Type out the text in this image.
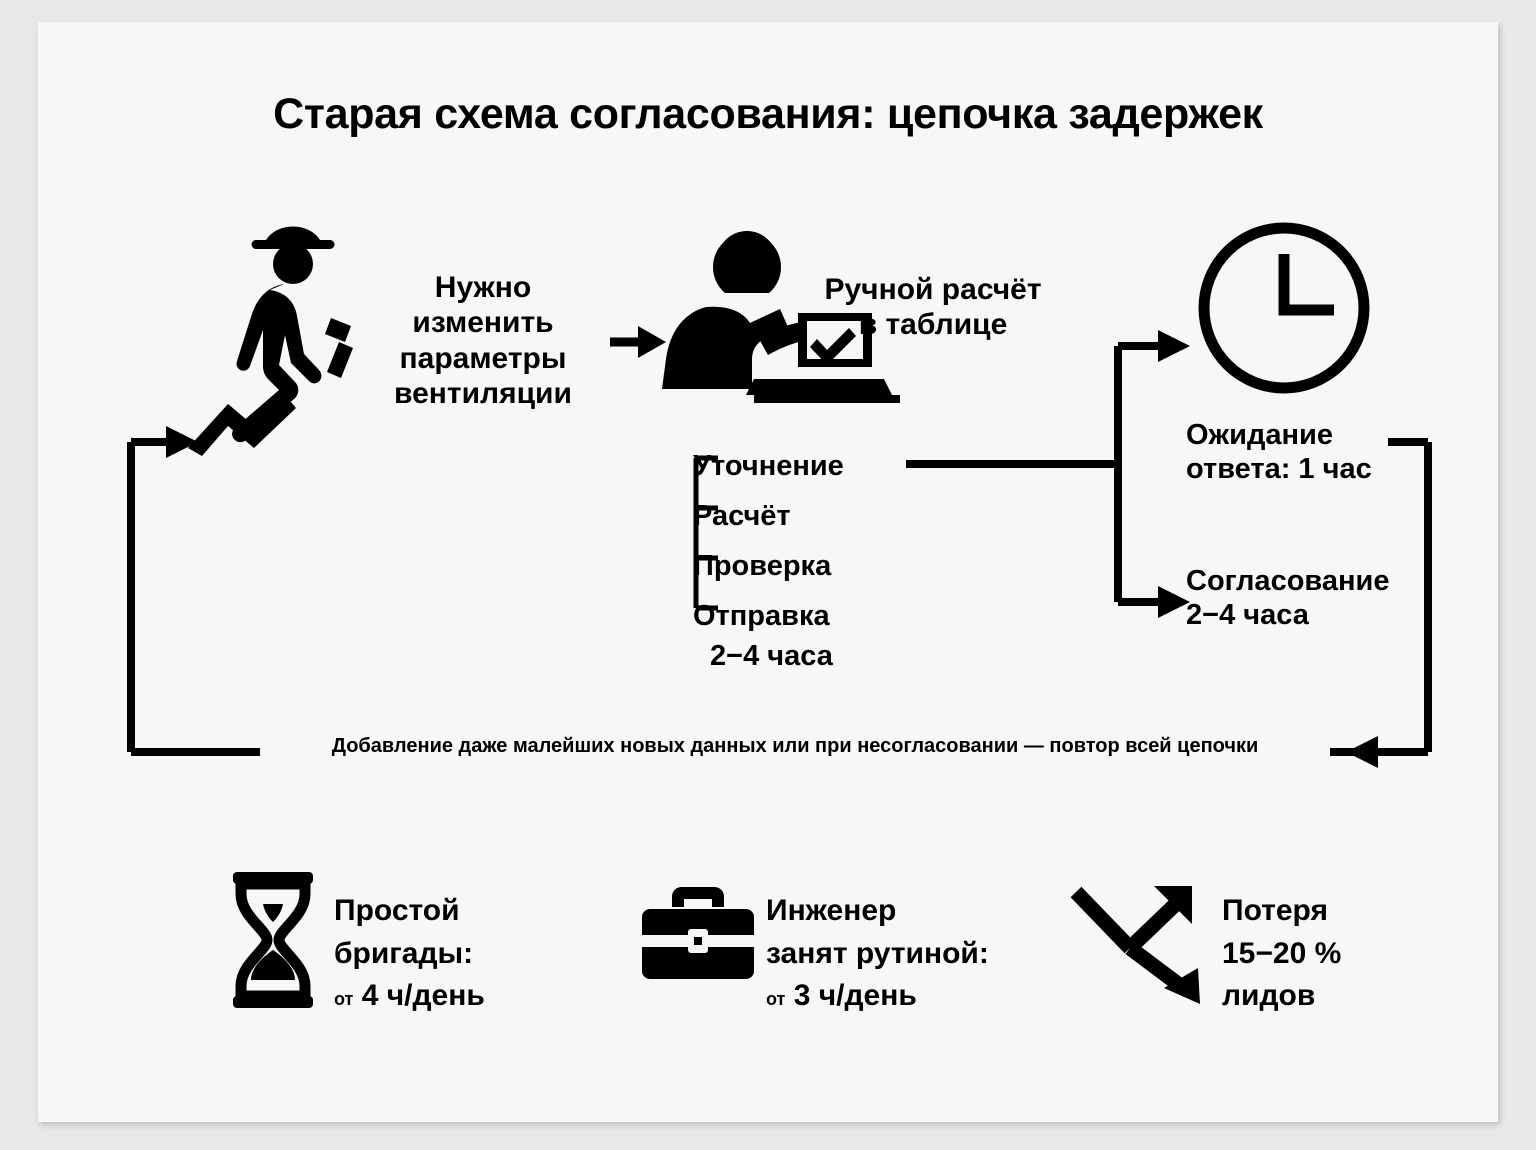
Старая схема согласования: цепочка задержек
Нужно
изменить
параметры
вентиляции
Ручной расчёт
в таблице
Уточнение
Расчёт
Проверка
Отправка
2−4 часа
Ожидание
ответа: 1 час
Согласование
2−4 часа
Добавление даже малейших новых данных или при несогласовании — повтор всей цепочки
Простой
бригады:
от 4 ч/день
Инженер
занят рутиной:
от 3 ч/день
Потеря
15−20 %
лидов
